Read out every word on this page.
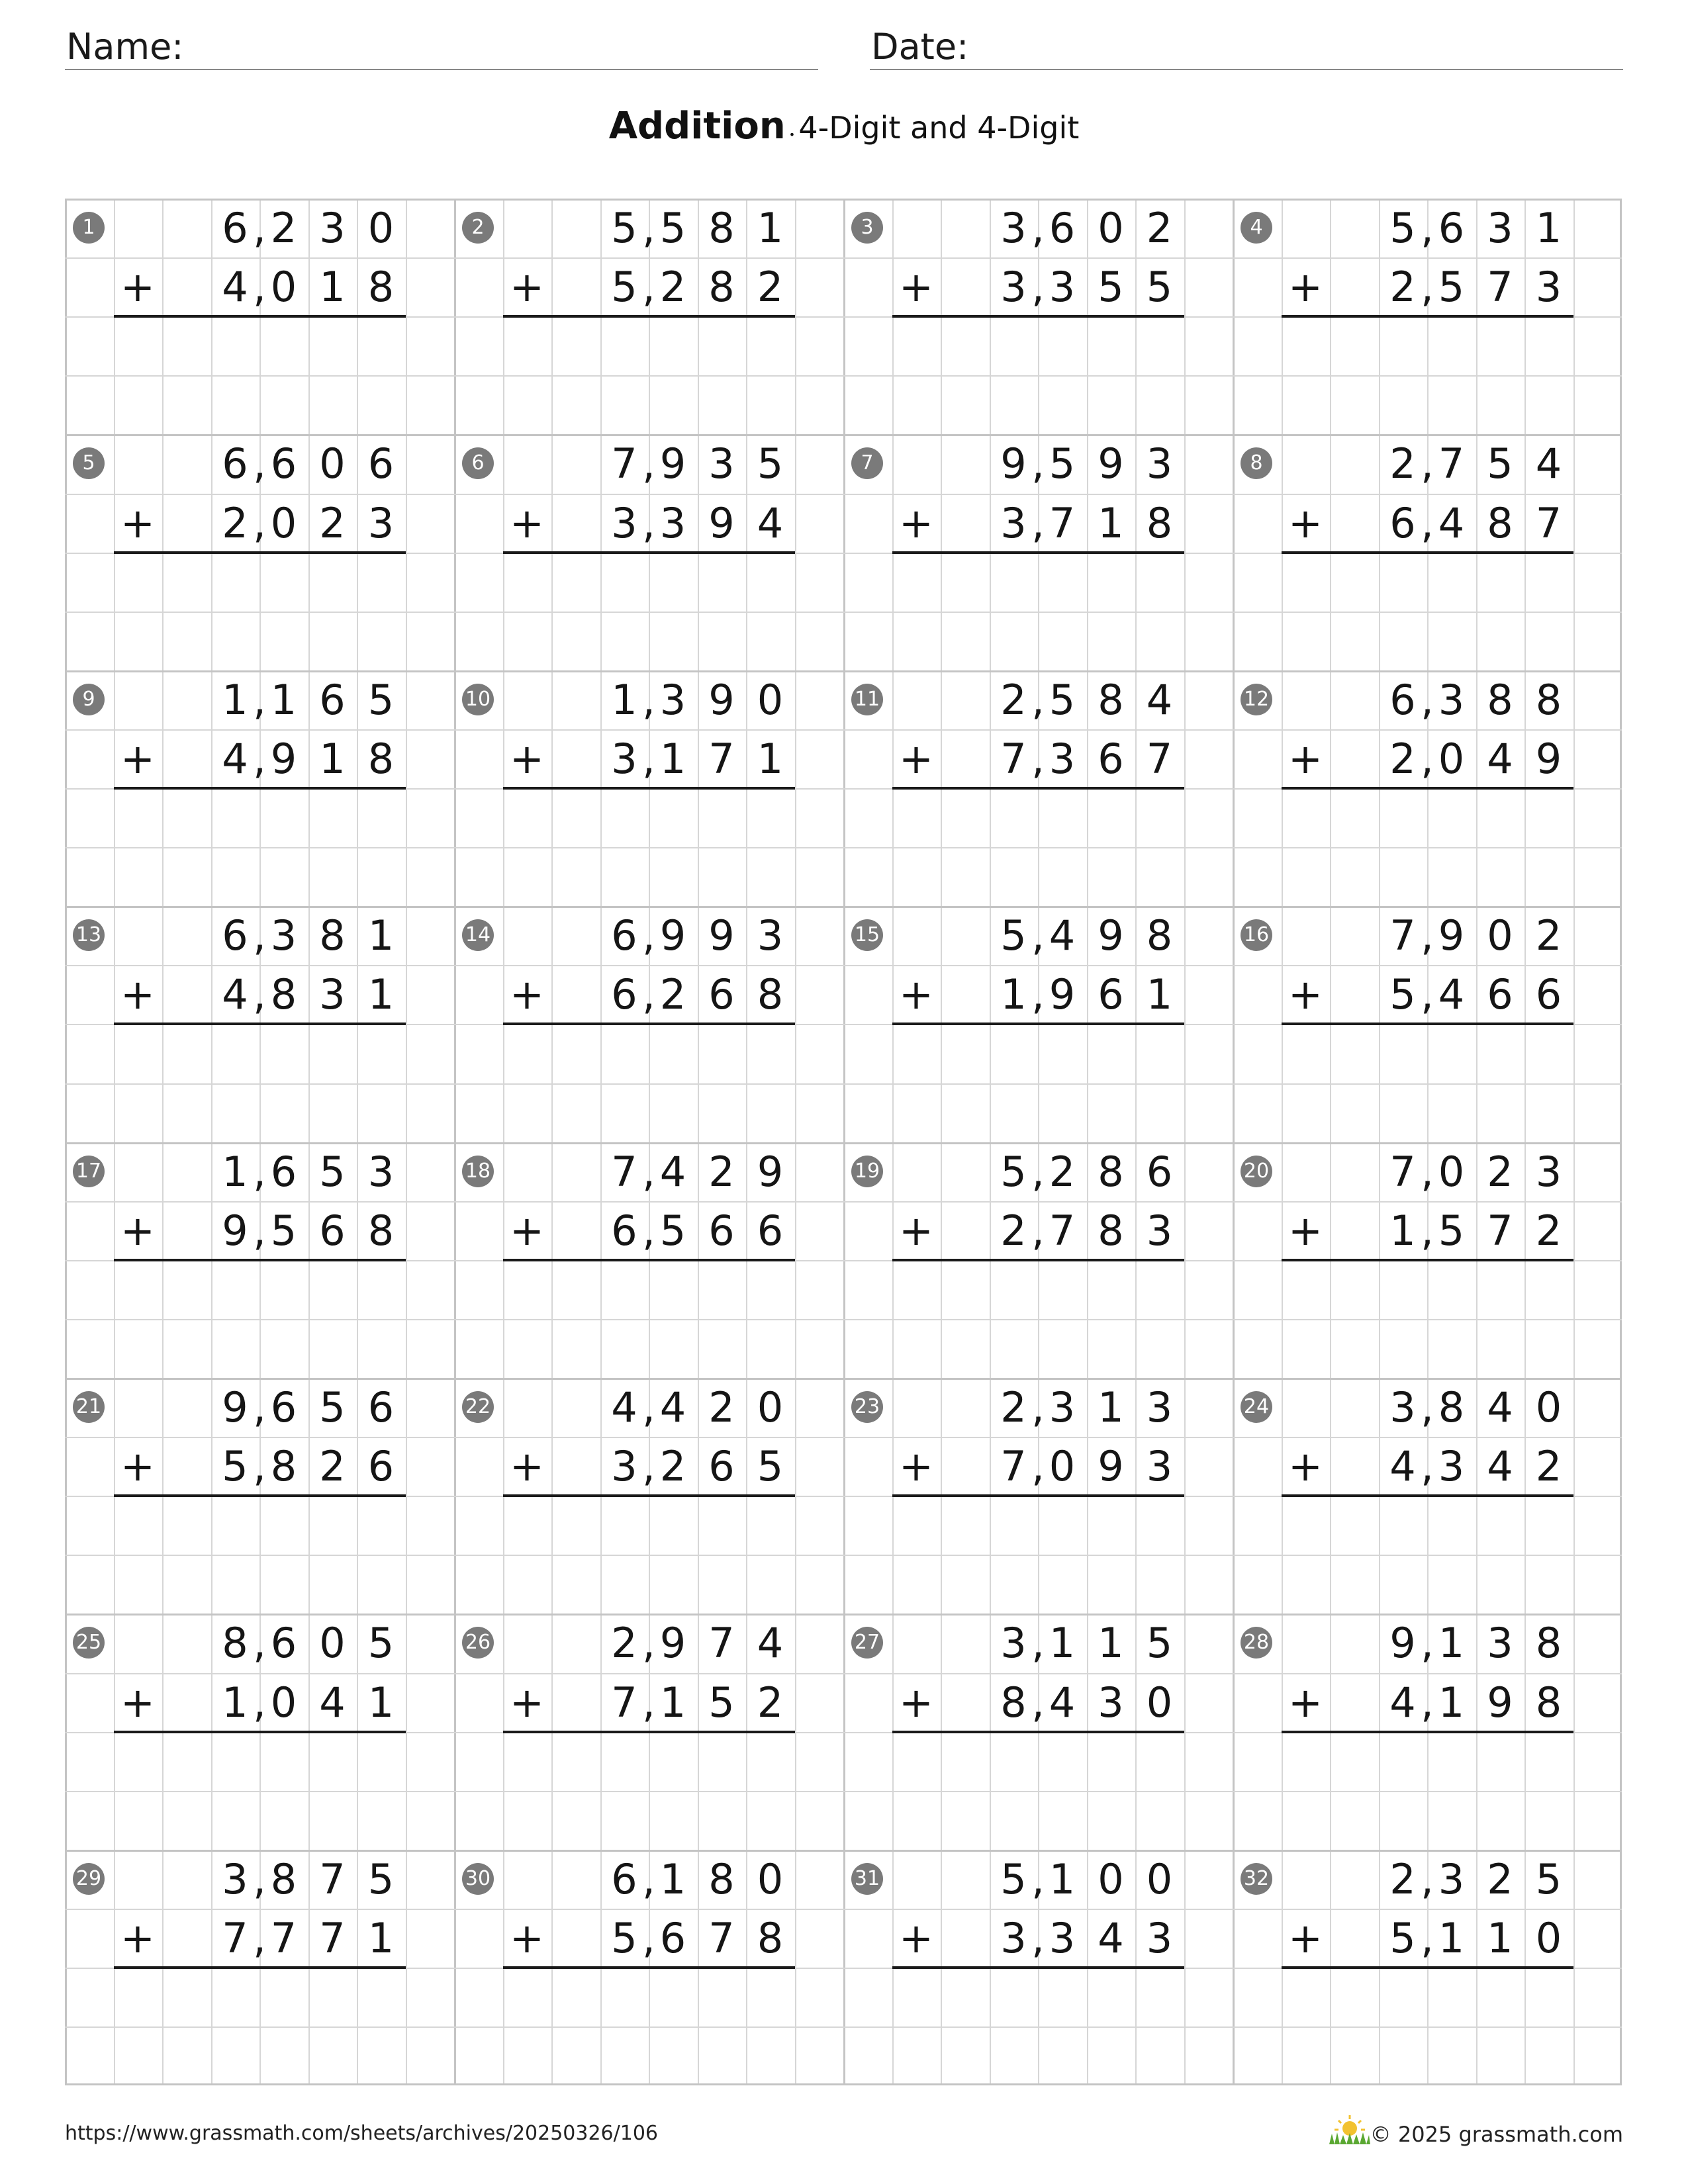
Name:	Date:
Addition • 4-Digit and 4-Digit
1	6 2 3 0
,
4 0 1 8
,
+
2	5 5 8 1
,
5 2 8 2
,
+
3	3 6 0 2
,
3 3 5 5
,
+
4	5 6 3 1
,
2 5 7 3
,
+
5	6 6 0 6
,
2 0 2 3
,
+
6	7 9 3 5
,
3 3 9 4
,
+
7	9 5 9 3
,
3 7 1 8
,
+
8	2 7 5 4
,
6 4 8 7
,
+
9	1 1 6 5
,
4 9 1 8
,
+
10	1 3 9 0
,
3 1 7 1
,
+
11	2 5 8 4
,
7 3 6 7
,
+
12	6 3 8 8
,
2 0 4 9
,
+
13	6 3 8 1
,
4 8 3 1
,
+
14	6 9 9 3
,
6 2 6 8
,
+
15	5 4 9 8
,
1 9 6 1
,
+
16	7 9 0 2
,
5 4 6 6
,
+
17	1 6 5 3
,
9 5 6 8
,
+
18	7 4 2 9
,
6 5 6 6
,
+
19	5 2 8 6
,
2 7 8 3
,
+
20	7 0 2 3
,
1 5 7 2
,
+
21	9 6 5 6
,
5 8 2 6
,
+
22	4 4 2 0
,
3 2 6 5
,
+
23	2 3 1 3
,
7 0 9 3
,
+
24	3 8 4 0
,
4 3 4 2
,
+
25	8 6 0 5
,
1 0 4 1
,
+
26	2 9 7 4
,
7 1 5 2
,
+
27	3 1 1 5
,
8 4 3 0
,
+
28	9 1 3 8
,
4 1 9 8
,
+
29	3 8 7 5
,
7 7 7 1
,
+
30	6 1 8 0
,
5 6 7 8
,
+
31	5 1 0 0
,
3 3 4 3
,
+
32	2 3 2 5
,
5 1 1 0
,
+
https://www.grassmath.com/sheets/archives/20250326/106	© 2025 grassmath.com
